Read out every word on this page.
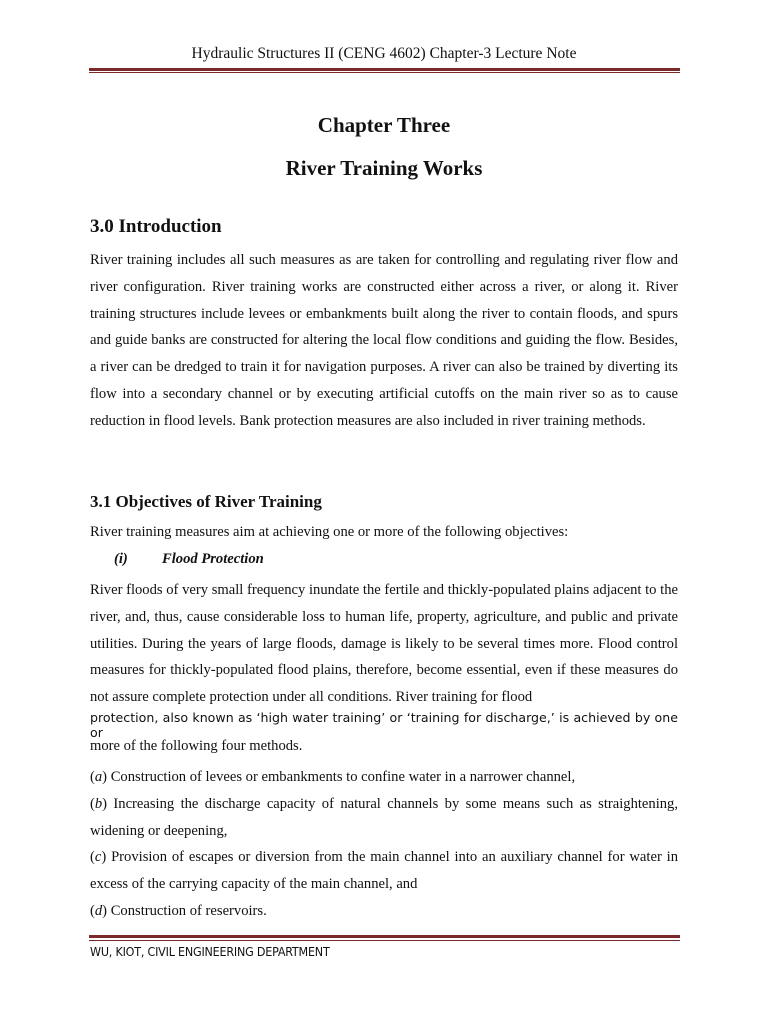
Hydraulic Structures II (CENG 4602) Chapter-3 Lecture Note
Chapter Three
River Training Works
3.0 Introduction
River training includes all such measures as are taken for controlling and regulating river flow and river configuration. River training works are constructed either across a river, or along it. River training structures include levees or embankments built along the river to contain floods, and spurs and guide banks are constructed for altering the local flow conditions and guiding the flow. Besides, a river can be dredged to train it for navigation purposes. A river can also be trained by diverting its flow into a secondary channel or by executing artificial cutoffs on the main river so as to cause reduction in flood levels. Bank protection measures are also included in river training methods.
3.1 Objectives of River Training
River training measures aim at achieving one or more of the following objectives:
(i) Flood Protection
River floods of very small frequency inundate the fertile and thickly-populated plains adjacent to the river, and, thus, cause considerable loss to human life, property, agriculture, and public and private utilities. During the years of large floods, damage is likely to be several times more. Flood control measures for thickly-populated flood plains, therefore, become essential, even if these measures do not assure complete protection under all conditions. River training for flood
protection, also known as ‘high water training’ or ‘training for discharge,’ is achieved by one or
more of the following four methods.
(a) Construction of levees or embankments to confine water in a narrower channel,
(b) Increasing the discharge capacity of natural channels by some means such as straightening, widening or deepening,
(c) Provision of escapes or diversion from the main channel into an auxiliary channel for water in excess of the carrying capacity of the main channel, and
(d) Construction of reservoirs.
WU, KIOT, CIVIL ENGINEERING DEPARTMENT
